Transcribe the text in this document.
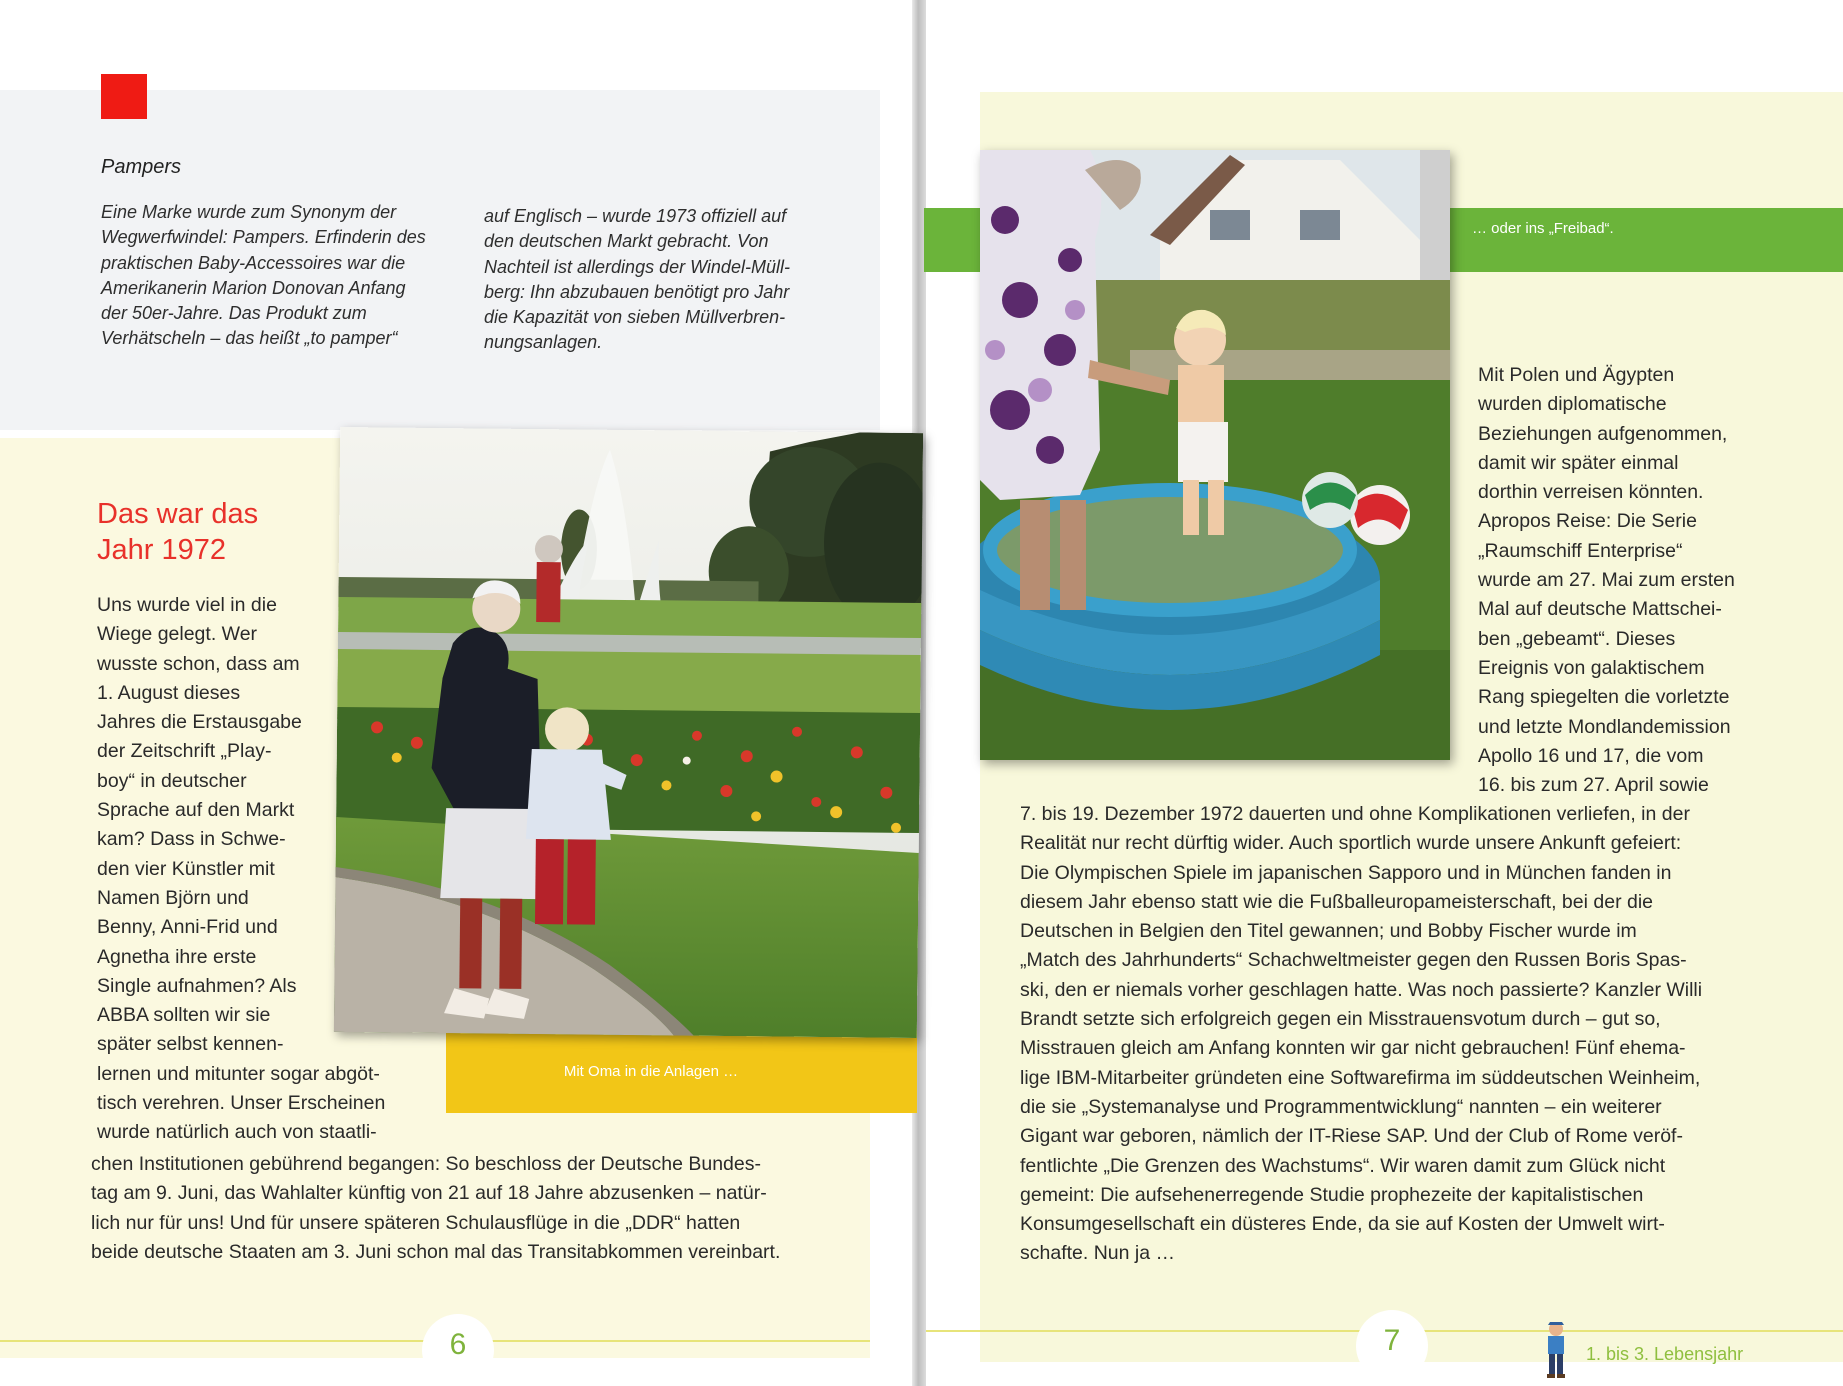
Pampers
Eine Marke wurde zum Synonym der
Wegwerfwindel: Pampers. Erfinderin des
praktischen Baby-Accessoires war die
Amerikanerin Marion Donovan Anfang
der 50er-Jahre. Das Produkt zum
Verhätscheln – das heißt „to pamper“
auf Englisch – wurde 1973 offiziell auf
den deutschen Markt gebracht. Von
Nachteil ist allerdings der Windel-Müll-
berg: Ihn abzubauen benötigt pro Jahr
die Kapazität von sieben Müllverbren-
nungsanlagen.
Das war das
Jahr 1972
Uns wurde viel in die
Wiege gelegt. Wer
wusste schon, dass am
1. August dieses
Jahres die Erstausgabe
der Zeitschrift „Play-
boy“ in deutscher
Sprache auf den Markt
kam? Dass in Schwe-
den vier Künstler mit
Namen Björn und
Benny, Anni-Frid und
Agnetha ihre erste
Single aufnahmen? Als
ABBA sollten wir sie
später selbst kennen-
lernen und mitunter sogar abgöt-
tisch verehren. Unser Erscheinen
wurde natürlich auch von staatli-
Mit Oma in die Anlagen …
chen Institutionen gebührend begangen: So beschloss der Deutsche Bundes-
tag am 9. Juni, das Wahlalter künftig von 21 auf 18 Jahre abzusenken – natür-
lich nur für uns! Und für unsere späteren Schulausflüge in die „DDR“ hatten
beide deutsche Staaten am 3. Juni schon mal das Transitabkommen vereinbart.
6
… oder ins „Freibad“.
Mit Polen und Ägypten
wurden diplomatische
Beziehungen aufgenommen,
damit wir später einmal
dorthin verreisen könnten.
Apropos Reise: Die Serie
„Raumschiff Enterprise“
wurde am 27. Mai zum ersten
Mal auf deutsche Mattschei-
ben „gebeamt“. Dieses
Ereignis von galaktischem
Rang spiegelten die vorletzte
und letzte Mondlandemission
Apollo 16 und 17, die vom
16. bis zum 27. April sowie
7. bis 19. Dezember 1972 dauerten und ohne Komplikationen verliefen, in der
Realität nur recht dürftig wider. Auch sportlich wurde unsere Ankunft gefeiert:
Die Olympischen Spiele im japanischen Sapporo und in München fanden in
diesem Jahr ebenso statt wie die Fußballeuropameisterschaft, bei der die
Deutschen in Belgien den Titel gewannen; und Bobby Fischer wurde im
„Match des Jahrhunderts“ Schachweltmeister gegen den Russen Boris Spas-
ski, den er niemals vorher geschlagen hatte. Was noch passierte? Kanzler Willi
Brandt setzte sich erfolgreich gegen ein Misstrauensvotum durch – gut so,
Misstrauen gleich am Anfang konnten wir gar nicht gebrauchen! Fünf ehema-
lige IBM-Mitarbeiter gründeten eine Softwarefirma im süddeutschen Weinheim,
die sie „Systemanalyse und Programmentwicklung“ nannten – ein weiterer
Gigant war geboren, nämlich der IT-Riese SAP. Und der Club of Rome veröf-
fentlichte „Die Grenzen des Wachstums“. Wir waren damit zum Glück nicht
gemeint: Die aufsehenerregende Studie prophezeite der kapitalistischen
Konsumgesellschaft ein düsteres Ende, da sie auf Kosten der Umwelt wirt-
schafte. Nun ja …
7	1. bis 3. Lebensjahr
